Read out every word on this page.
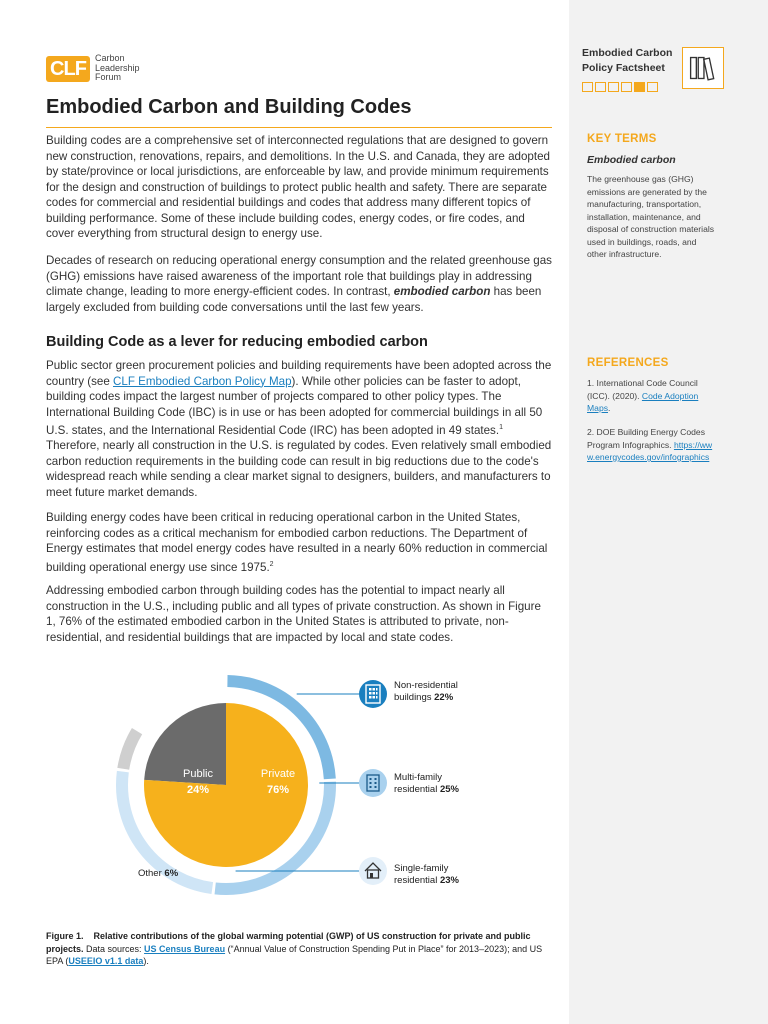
CLF	Carbon
Leadership
Forum
Embodied Carbon and Building Codes

Building codes are a comprehensive set of interconnected regulations that are designed to govern new construction, renovations, repairs, and demolitions. In the U.S. and Canada, they are adopted by state/province or local jurisdictions, are enforceable by law, and provide minimum requirements for the design and construction of buildings to protect public health and safety. There are separate codes for commercial and residential buildings and codes that address many different topics of building performance. Some of these include building codes, energy codes, or fire codes, and cover everything from structural design to energy use.

Decades of research on reducing operational energy consumption and the related greenhouse gas (GHG) emissions have raised awareness of the important role that buildings play in addressing climate change, leading to more energy-efficient codes. In contrast, embodied carbon has been largely excluded from building code conversations until the last few years.

Building Code as a lever for reducing embodied carbon

Public sector green procurement policies and building requirements have been adopted across the country (see CLF Embodied Carbon Policy Map). While other policies can be faster to adopt, building codes impact the largest number of projects compared to other policy types. The International Building Code (IBC) is in use or has been adopted for commercial buildings in all 50 U.S. states, and the International Residential Code (IRC) has been adopted in 49 states.$^1$ Therefore, nearly all construction in the U.S. is regulated by codes. Even relatively small embodied carbon reduction requirements in the building code can result in big reductions due to the code's widespread reach while sending a clear market signal to designers, builders, and manufacturers to meet future market demands.

Building energy codes have been critical in reducing operational carbon in the United States, reinforcing codes as a critical mechanism for embodied carbon reductions. The Department of Energy estimates that model energy codes have resulted in a nearly 60% reduction in commercial building operational energy use since 1975.$^2$

Addressing embodied carbon through building codes has the potential to impact nearly all construction in the U.S., including public and all types of private construction. As shown in Figure 1, 76% of the estimated embodied carbon in the United States is attributed to private, non-residential, and residential buildings that are impacted by local and state codes.

Public
24%
Private
76%
Non-residential
buildings 22%
Multi-family
residential 25%
Single-family
residential 23%
Other 6%
Figure 1. Relative contributions of the global warming potential (GWP) of US construction for private and public projects. Data sources: US Census Bureau (“Annual Value of Construction Spending Put in Place” for 2013–2023); and US EPA (USEEIO v1.1 data).
Embodied Carbon
Policy Factsheet
KEY TERMS
Embodied carbon
The greenhouse gas (GHG) emissions are generated by the manufacturing, transportation, installation, maintenance, and disposal of construction materials used in buildings, roads, and other infrastructure.
REFERENCES
1. International Code Council (ICC). (2020). Code Adoption Maps.
2. DOE Building Energy Codes Program Infographics. https://www.energycodes.gov/infographics
